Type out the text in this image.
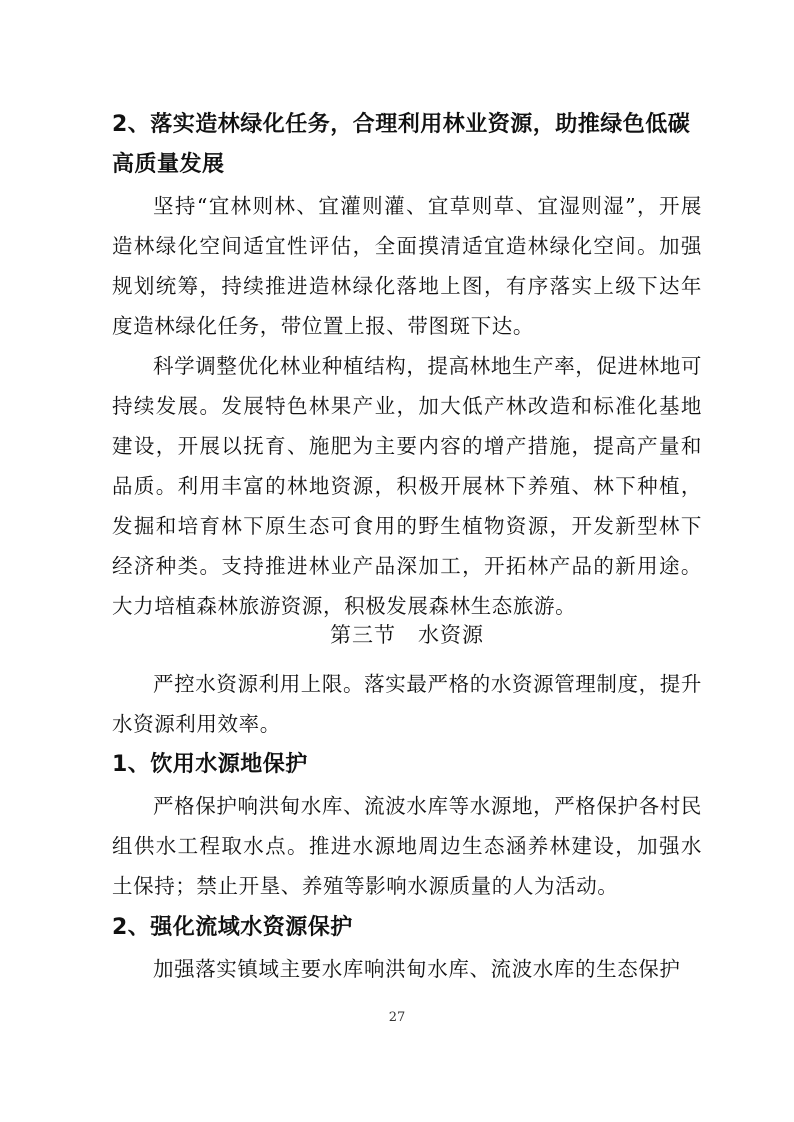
2、落实造林绿化任务，合理利用林业资源，助推绿色低碳高质量发展

坚持“宜林则林、宜灌则灌、宜草则草、宜湿则湿”，开展造林绿化空间适宜性评估，全面摸清适宜造林绿化空间。加强规划统筹，持续推进造林绿化落地上图，有序落实上级下达年度造林绿化任务，带位置上报、带图斑下达。

科学调整优化林业种植结构，提高林地生产率，促进林地可持续发展。发展特色林果产业，加大低产林改造和标准化基地建设，开展以抚育、施肥为主要内容的增产措施，提高产量和品质。利用丰富的林地资源，积极开展林下养殖、林下种植，发掘和培育林下原生态可食用的野生植物资源，开发新型林下经济种类。支持推进林业产品深加工，开拓林产品的新用途。大力培植森林旅游资源，积极发展森林生态旅游。

第三节　水资源

严控水资源利用上限。落实最严格的水资源管理制度，提升水资源利用效率。

1、饮用水源地保护

严格保护响洪甸水库、流波水库等水源地，严格保护各村民组供水工程取水点。推进水源地周边生态涵养林建设，加强水土保持；禁止开垦、养殖等影响水源质量的人为活动。

2、强化流域水资源保护

加强落实镇域主要水库响洪甸水库、流波水库的生态保护

27
